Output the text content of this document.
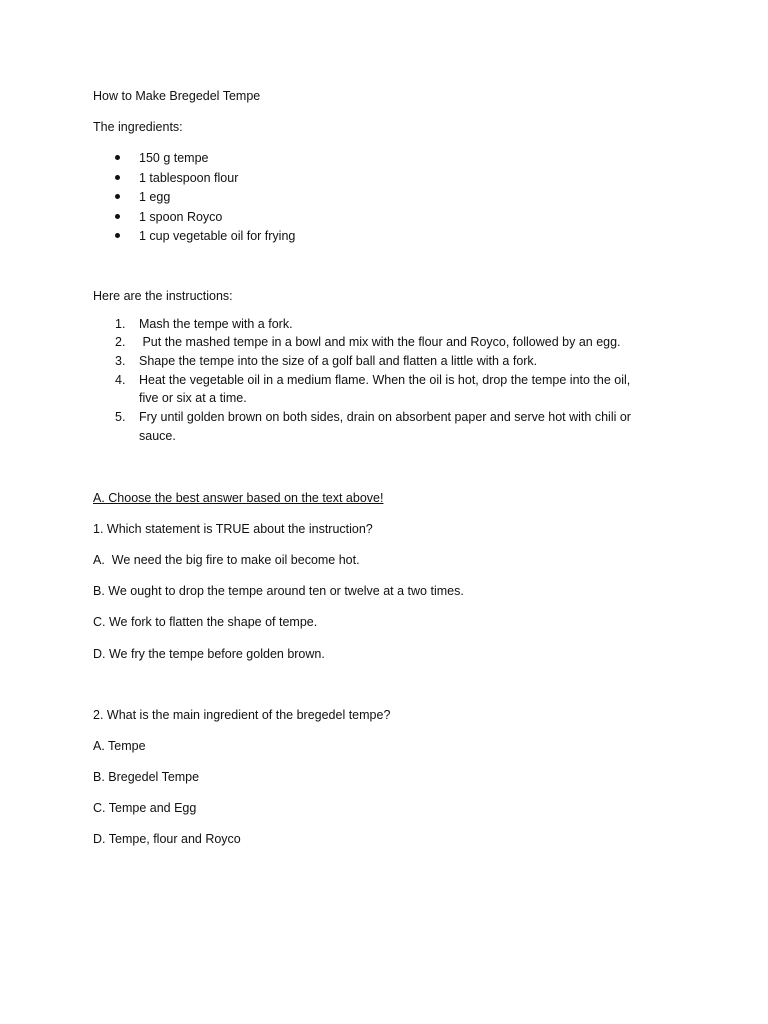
How to Make Bregedel Tempe
The ingredients:
150 g tempe
1 tablespoon flour
1 egg
1 spoon Royco
1 cup vegetable oil for frying
Here are the instructions:
1. Mash the tempe with a fork.
2. Put the mashed tempe in a bowl and mix with the flour and Royco, followed by an egg.
3. Shape the tempe into the size of a golf ball and flatten a little with a fork.
4. Heat the vegetable oil in a medium flame. When the oil is hot, drop the tempe into the oil,
five or six at a time.
5. Fry until golden brown on both sides, drain on absorbent paper and serve hot with chili or
sauce.
A. Choose the best answer based on the text above!
1. Which statement is TRUE about the instruction?
A.  We need the big fire to make oil become hot.
B. We ought to drop the tempe around ten or twelve at a two times.
C. We fork to flatten the shape of tempe.
D. We fry the tempe before golden brown.
2. What is the main ingredient of the bregedel tempe?
A. Tempe
B. Bregedel Tempe
C. Tempe and Egg
D. Tempe, flour and Royco
